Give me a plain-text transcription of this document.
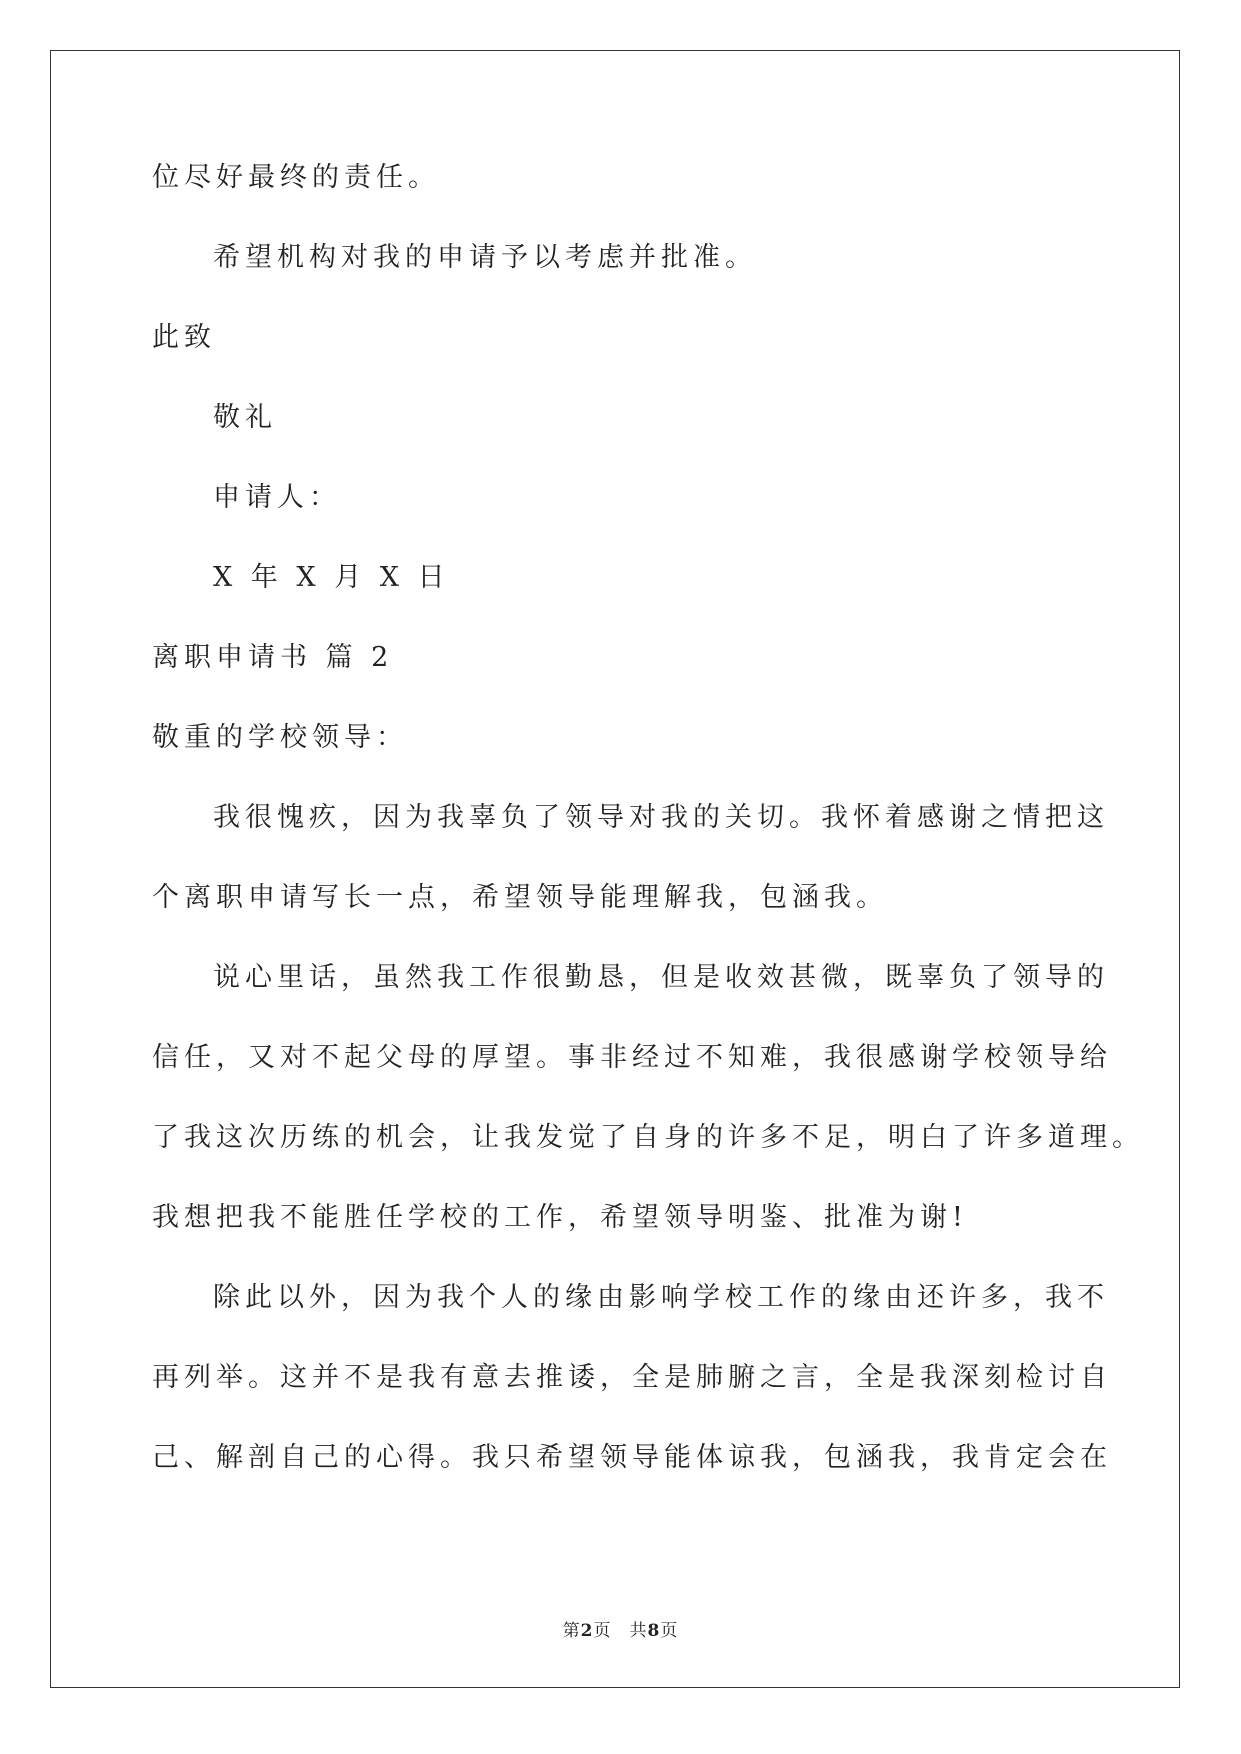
位尽好最终的责任。
希望机构对我的申请予以考虑并批准。
此致
敬礼
申请人：
X 年 X 月 X 日
离职申请书 篇 2
敬重的学校领导：
我很愧疚，因为我辜负了领导对我的关切。我怀着感谢之情把这
个离职申请写长一点，希望领导能理解我，包涵我。
说心里话，虽然我工作很勤恳，但是收效甚微，既辜负了领导的
信任，又对不起父母的厚望。事非经过不知难，我很感谢学校领导给
了我这次历练的机会，让我发觉了自身的许多不足，明白了许多道理。
我想把我不能胜任学校的工作，希望领导明鉴、批准为谢!
除此以外，因为我个人的缘由影响学校工作的缘由还许多，我不
再列举。这并不是我有意去推诿，全是肺腑之言，全是我深刻检讨自
己、解剖自己的心得。我只希望领导能体谅我，包涵我，我肯定会在
第2页　共8页
